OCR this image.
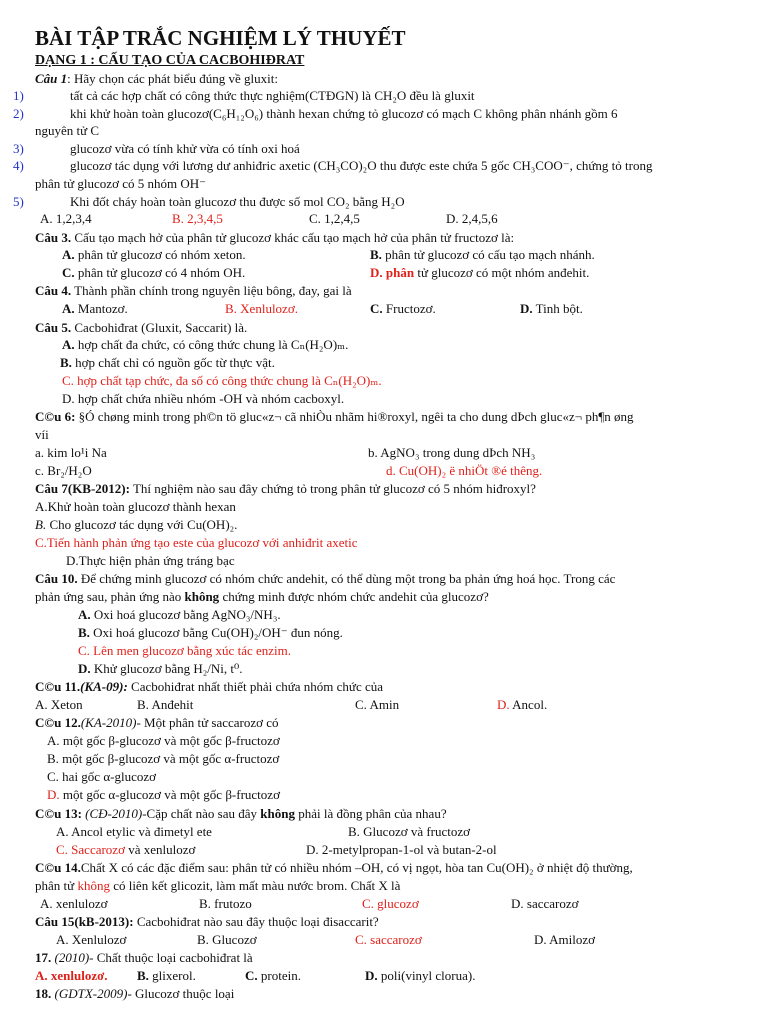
BÀI TẬP TRẮC NGHIỆM LÝ THUYẾT
DẠNG 1 : CẤU TẠO CỦA CACBOHIĐRAT
Câu 1: Hãy chọn các phát biểu đúng về gluxit:
1)	tất cả các hợp chất có công thức thực nghiệm(CTĐGN) là CH₂O đều là gluxit
2)	khi khử hoàn toàn glucozơ(C₆H₁₂O₆) thành hexan chứng tỏ glucozơ có mạch C không phân nhánh gồm 6
nguyên tử C
3)	glucozơ vừa có tính khử vừa có tính oxi hoá
4)	glucozơ tác dụng với lương dư anhiđric axetic (CH₃CO)₂O thu được este chứa 5 gốc CH₃COO⁻, chứng tỏ trong
phân tử glucozơ có 5 nhóm OH⁻
5)	Khi đốt cháy hoàn toàn glucozơ thu được số mol CO₂ bằng H₂O
A. 1,2,3,4	B. 2,3,4,5	C. 1,2,4,5	D. 2,4,5,6
Câu 3. Cấu tạo mạch hở của phân tử glucozơ khác cấu tạo mạch hở của phân tử fructozơ là:
A. phân tử glucozơ có nhóm xeton.	B. phân tử glucozơ có cấu tạo mạch nhánh.
C. phân tử glucozơ có 4 nhóm OH.	D. phân tử glucozơ có một nhóm anđehit.
Câu 4. Thành phần chính trong nguyên liệu bông, đay, gai là
A. Mantozơ.	B. Xenlulozơ.	C. Fructozơ.	D. Tinh bột.
Câu 5. Cacbohiđrat (Gluxit, Saccarit) là.
A. hợp chất đa chức, có công thức chung là Cₙ(H₂O)ₘ.
B. hợp chất chỉ có nguồn gốc từ thực vật.
C. hợp chất tạp chức, đa số có công thức chung là Cₙ(H₂O)ₘ.
D. hợp chất chứa nhiều nhóm -OH và nhóm cacboxyl.
C©u 6: §Ó chøng minh trong ph©n tö gluc«z¬ cã nhiÒu nhãm hi®roxyl, ngêi ta cho dung dÞch gluc«z¬ ph¶n øng
víi
a. kim lo¹i Na	b. AgNO₃ trong dung dÞch NH₃
c. Br₂/H₂O	d. Cu(OH)₂ ë nhiÖt ®é thêng.
Câu 7(KB-2012): Thí nghiệm nào sau đây chứng tỏ trong phân tử glucozơ có 5 nhóm hiđroxyl?
A.Khử hoàn toàn glucozơ thành hexan
B. Cho glucozơ tác dụng với Cu(OH)₂.
C.Tiến hành phản ứng tạo este của glucozơ với anhiđrit axetic
D.Thực hiện phản ứng tráng bạc
Câu 10. Để chứng minh glucozơ có nhóm chức andehit, có thể dùng một trong ba phản ứng hoá học. Trong các
phản ứng sau, phản ứng nào không chứng minh được nhóm chức andehit của glucozơ?
A. Oxi hoá glucozơ bằng AgNO₃/NH₃.
B. Oxi hoá glucozơ bằng Cu(OH)₂/OH⁻ đun nóng.
C. Lên men glucozơ bằng xúc tác enzim.
D. Khử glucozơ bằng H₂/Ni, t⁰.
C©u 11.(KA-09): Cacbohiđrat nhất thiết phải chứa nhóm chức của
A. Xeton	B. Anđehit	C. Amin	D. Ancol.
C©u 12.(KA-2010)- Một phân tử saccarozơ có
A. một gốc β-glucozơ và một gốc β-fructozơ
B. một gốc β-glucozơ và một gốc α-fructozơ
C. hai gốc α-glucozơ
D. một gốc α-glucozơ và một gốc β-fructozơ
C©u 13: (CĐ-2010)-Cặp chất nào sau đây không phải là đồng phân của nhau?
A. Ancol etylic và đimetyl ete	B. Glucozơ và fructozơ
C. Saccarozơ và xenlulozơ	D. 2-metylpropan-1-ol và butan-2-ol
C©u 14.Chất X có các đặc điểm sau: phân tử có nhiều nhóm –OH, có vị ngọt, hòa tan Cu(OH)₂ ở nhiệt độ thường,
phân tử không có liên kết glicozit, làm mất màu nước brom. Chất X là
A. xenlulozơ	B. frutozo	C. glucozơ	D. saccarozơ
Câu 15(kB-2013): Cacbohiđrat nào sau đây thuộc loại đisaccarit?
A. Xenlulozơ	B. Glucozơ	C. saccarozơ	D. Amilozơ
17. (2010)- Chất thuộc loại cacbohiđrat là
A. xenlulozơ. B. glixerol.	C. protein.	D. poli(vinyl clorua).
18. (GDTX-2009)- Glucozơ thuộc loại
